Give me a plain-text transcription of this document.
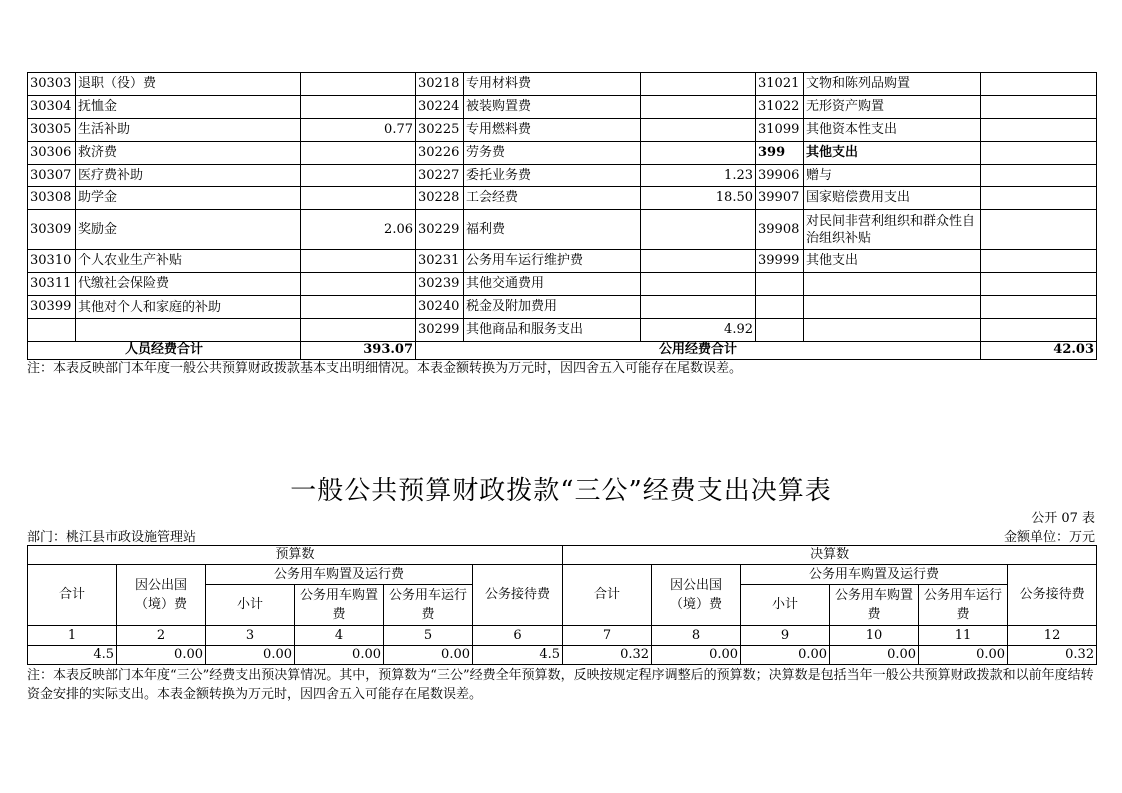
30303	退职（役）费		30218	专用材料费		31021	文物和陈列品购置	
30304	抚恤金		30224	被装购置费		31022	无形资产购置	
30305	生活补助	0.77	30225	专用燃料费		31099	其他资本性支出	
30306	救济费		30226	劳务费		399	其他支出	
30307	医疗费补助		30227	委托业务费	1.23	39906	赠与	
30308	助学金		30228	工会经费	18.50	39907	国家赔偿费用支出	
30309	奖励金	2.06	30229	福利费		39908	对民间非营利组织和群众性自治组织补贴	
30310	个人农业生产补贴		30231	公务用车运行维护费		39999	其他支出	
30311	代缴社会保险费		30239	其他交通费用				
30399	其他对个人和家庭的补助		30240	税金及附加费用				
			30299	其他商品和服务支出	4.92			
人员经费合计		393.07	公用经费合计					42.03
注：本表反映部门本年度一般公共预算财政拨款基本支出明细情况。本表金额转换为万元时，因四舍五入可能存在尾数误差。
一般公共预算财政拨款“三公”经费支出决算表
公开 07 表
部门：桃江县市政设施管理站	金额单位：万元
预算数						决算数					
合计	因公出国（境）费	公务用车购置及运行费			公务接待费	合计	因公出国（境）费	公务用车购置及运行费			公务接待费
		小计	公务用车购置费	公务用车运行费				小计	公务用车购置费	公务用车运行费	
1	2	3	4	5	6	7	8	9	10	11	12
4.5	0.00	0.00	0.00	0.00	4.5	0.32	0.00	0.00	0.00	0.00	0.32
注：本表反映部门本年度“三公”经费支出预决算情况。其中，预算数为“三公”经费全年预算数，反映按规定程序调整后的预算数；决算数是包括当年一般公共预算财政拨款和以前年度结转资金安排的实际支出。本表金额转换为万元时，因四舍五入可能存在尾数误差。
